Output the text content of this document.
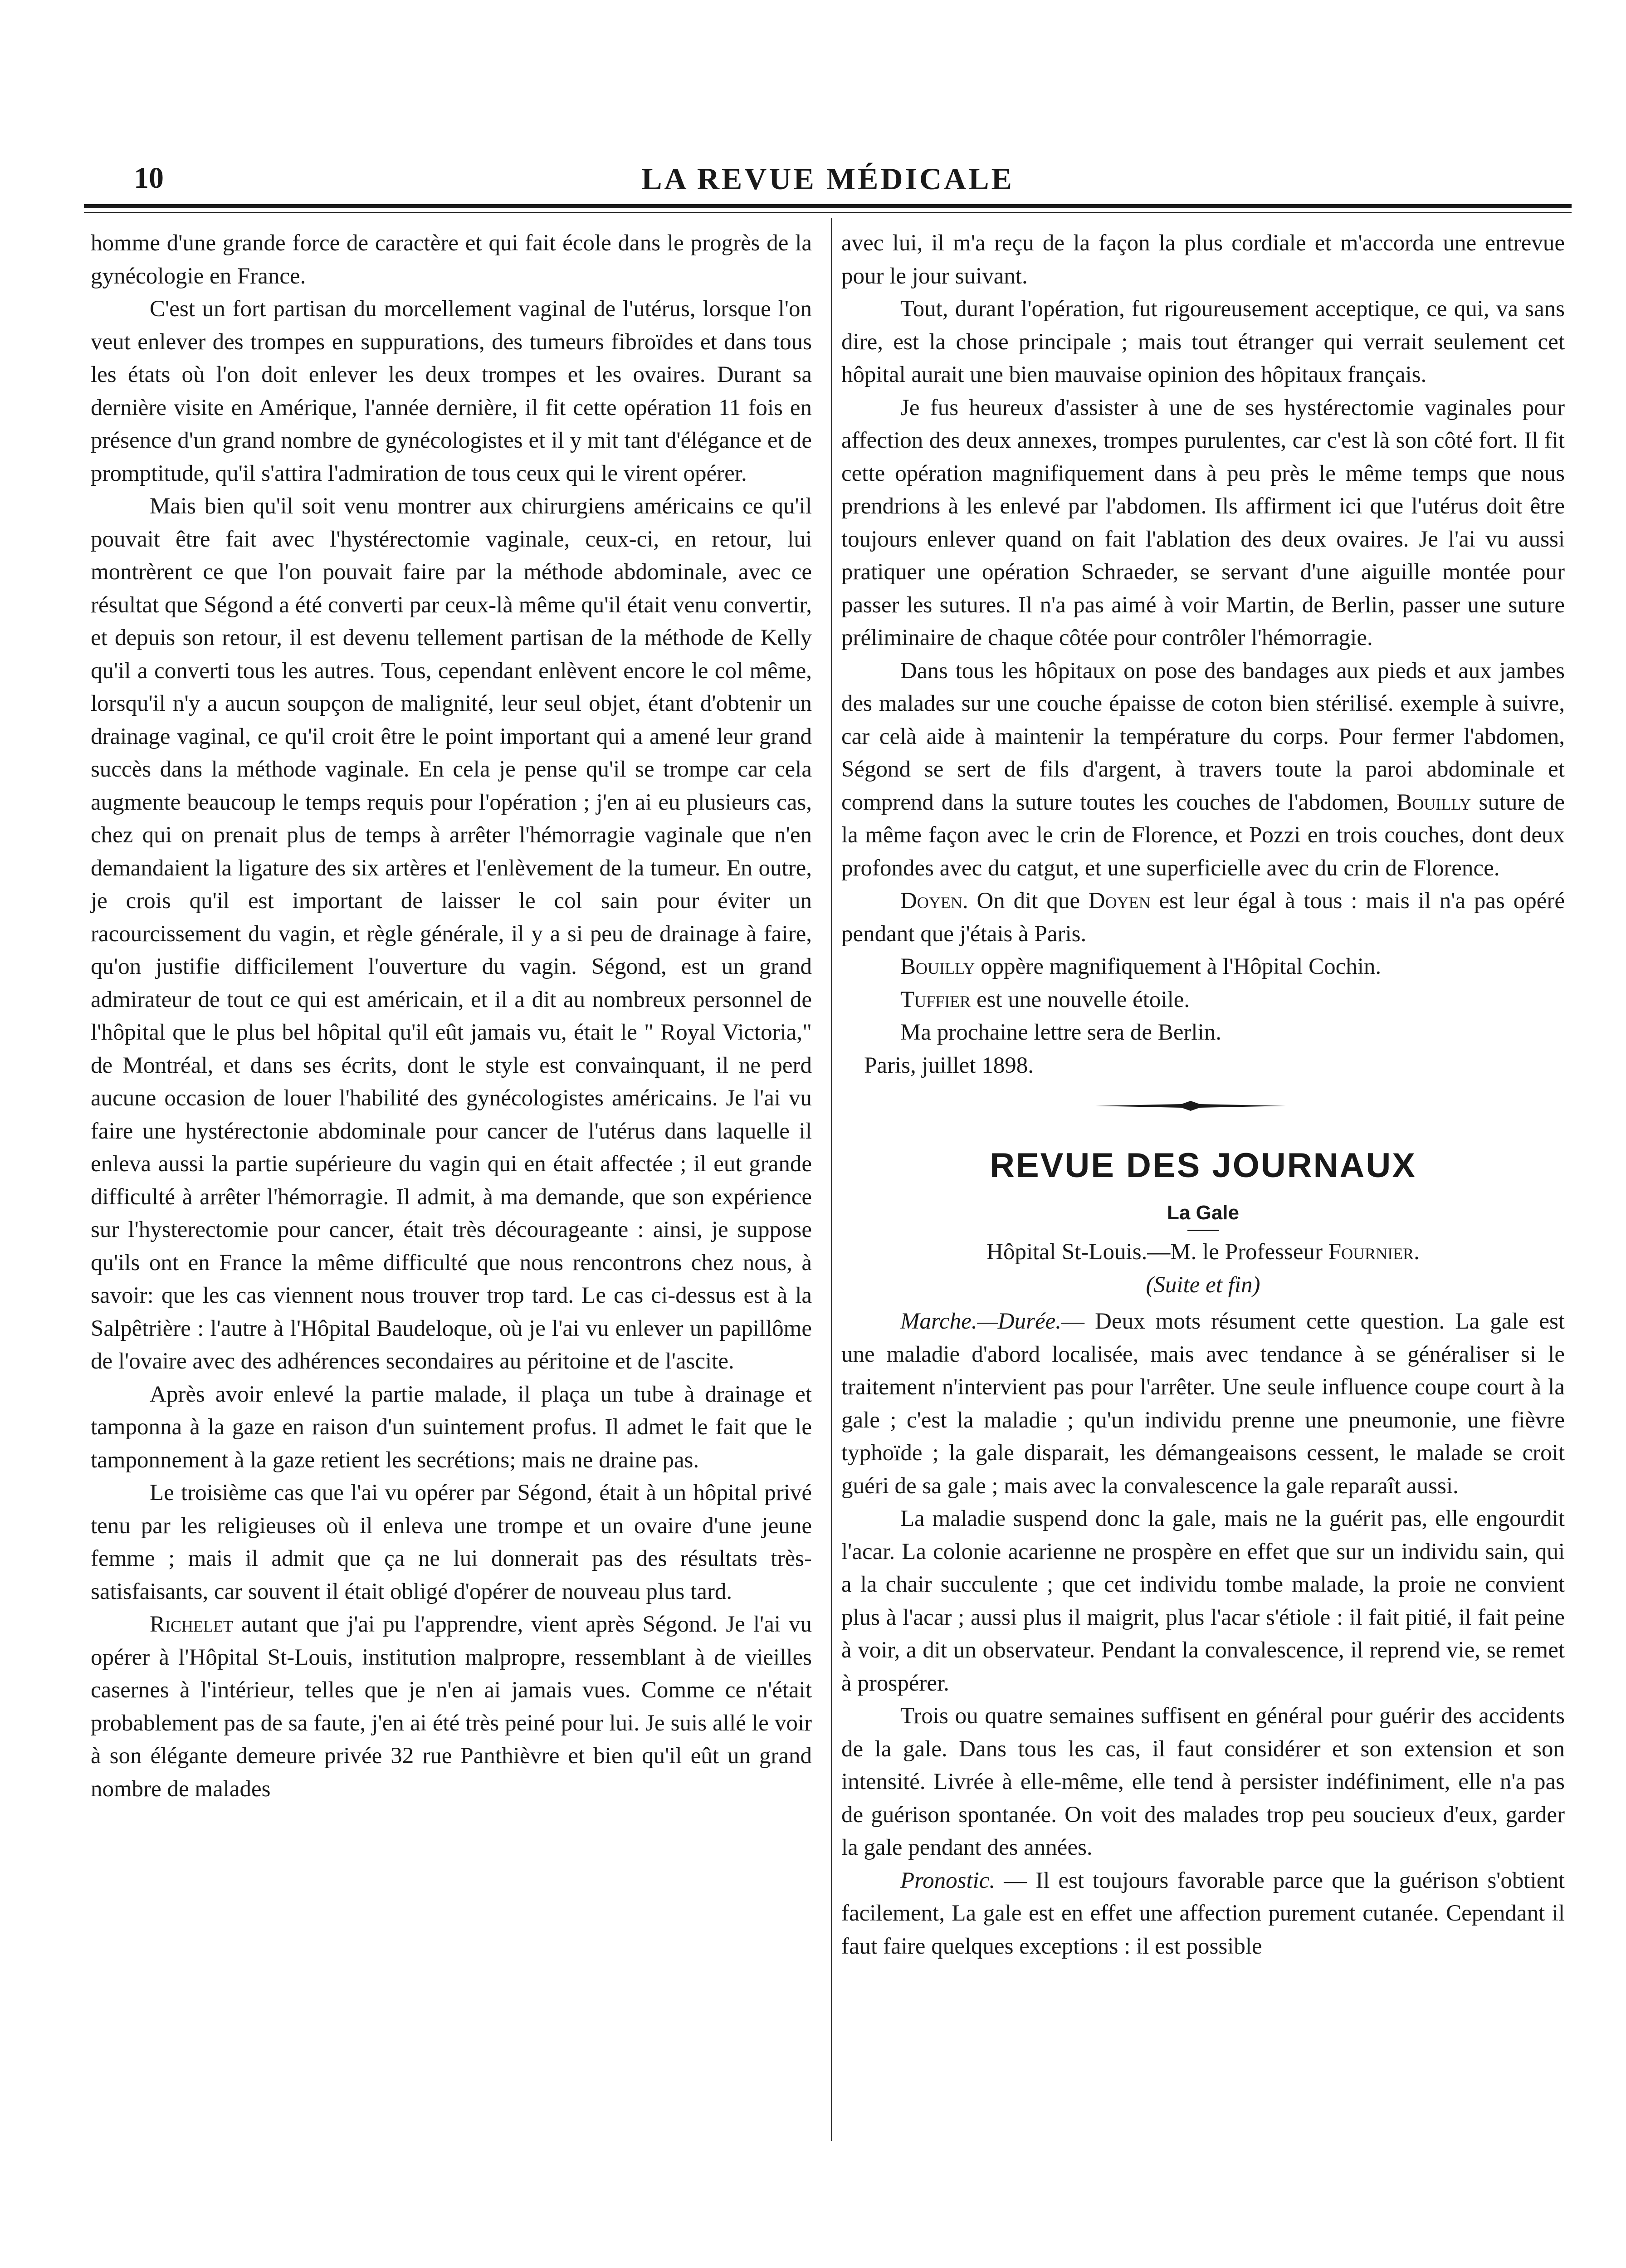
10	LA REVUE MÉDICALE

homme d'une grande force de caractère et qui fait école dans le progrès de la gynécologie en France.

C'est un fort partisan du morcellement vaginal de l'utérus, lorsque l'on veut enlever des trompes en suppurations, des tumeurs fibroïdes et dans tous les états où l'on doit enlever les deux trompes et les ovaires. Durant sa dernière visite en Amérique, l'année dernière, il fit cette opération 11 fois en présence d'un grand nombre de gynécologistes et il y mit tant d'élégance et de promptitude, qu'il s'attira l'admiration de tous ceux qui le virent opérer.

Mais bien qu'il soit venu montrer aux chirurgiens américains ce qu'il pouvait être fait avec l'hystérectomie vaginale, ceux-ci, en retour, lui montrèrent ce que l'on pouvait faire par la méthode abdominale, avec ce résultat que Ségond a été converti par ceux-là même qu'il était venu convertir, et depuis son retour, il est devenu tellement partisan de la méthode de Kelly qu'il a converti tous les autres. Tous, cependant enlèvent encore le col même, lorsqu'il n'y a aucun soupçon de malignité, leur seul objet, étant d'obtenir un drainage vaginal, ce qu'il croit être le point important qui a amené leur grand succès dans la méthode vaginale. En cela je pense qu'il se trompe car cela augmente beaucoup le temps requis pour l'opération ; j'en ai eu plusieurs cas, chez qui on prenait plus de temps à arrêter l'hémorragie vaginale que n'en demandaient la ligature des six artères et l'enlèvement de la tumeur. En outre, je crois qu'il est important de laisser le col sain pour éviter un racourcissement du vagin, et règle générale, il y a si peu de drainage à faire, qu'on justifie difficilement l'ouverture du vagin. Ségond, est un grand admirateur de tout ce qui est américain, et il a dit au nombreux personnel de l'hôpital que le plus bel hôpital qu'il eût jamais vu, était le " Royal Victoria," de Montréal, et dans ses écrits, dont le style est convainquant, il ne perd aucune occasion de louer l'habilité des gynécologistes américains. Je l'ai vu faire une hystérectonie abdominale pour cancer de l'utérus dans laquelle il enleva aussi la partie supérieure du vagin qui en était affectée ; il eut grande difficulté à arrêter l'hémorragie. Il admit, à ma demande, que son expérience sur l'hysterectomie pour cancer, était très décourageante : ainsi, je suppose qu'ils ont en France la même difficulté que nous rencontrons chez nous, à savoir: que les cas viennent nous trouver trop tard. Le cas ci-dessus est à la Salpêtrière : l'autre à l'Hôpital Baudeloque, où je l'ai vu enlever un papillôme de l'ovaire avec des adhérences secondaires au péritoine et de l'ascite.

Après avoir enlevé la partie malade, il plaça un tube à drainage et tamponna à la gaze en raison d'un suintement profus. Il admet le fait que le tamponnement à la gaze retient les secrétions; mais ne draine pas.

Le troisième cas que l'ai vu opérer par Ségond, était à un hôpital privé tenu par les religieuses où il enleva une trompe et un ovaire d'une jeune femme ; mais il admit que ça ne lui donnerait pas des résultats très-satisfaisants, car souvent il était obligé d'opérer de nouveau plus tard.

Richelet autant que j'ai pu l'apprendre, vient après Ségond. Je l'ai vu opérer à l'Hôpital St-Louis, institution malpropre, ressemblant à de vieilles casernes à l'intérieur, telles que je n'en ai jamais vues. Comme ce n'était probablement pas de sa faute, j'en ai été très peiné pour lui. Je suis allé le voir à son élégante demeure privée 32 rue Panthièvre et bien qu'il eût un grand nombre de malades

avec lui, il m'a reçu de la façon la plus cordiale et m'accorda une entrevue pour le jour suivant.

Tout, durant l'opération, fut rigoureusement acceptique, ce qui, va sans dire, est la chose principale ; mais tout étranger qui verrait seulement cet hôpital aurait une bien mauvaise opinion des hôpitaux français.

Je fus heureux d'assister à une de ses hystérectomie vaginales pour affection des deux annexes, trompes purulentes, car c'est là son côté fort. Il fit cette opération magnifiquement dans à peu près le même temps que nous prendrions à les enlevé par l'abdomen. Ils affirment ici que l'utérus doit être toujours enlever quand on fait l'ablation des deux ovaires. Je l'ai vu aussi pratiquer une opération Schraeder, se servant d'une aiguille montée pour passer les sutures. Il n'a pas aimé à voir Martin, de Berlin, passer une suture préliminaire de chaque côtée pour contrôler l'hémorragie.

Dans tous les hôpitaux on pose des bandages aux pieds et aux jambes des malades sur une couche épaisse de coton bien stérilisé. exemple à suivre, car celà aide à maintenir la température du corps. Pour fermer l'abdomen, Ségond se sert de fils d'argent, à travers toute la paroi abdominale et comprend dans la suture toutes les couches de l'abdomen, Bouilly suture de la même façon avec le crin de Florence, et Pozzi en trois couches, dont deux profondes avec du catgut, et une superficielle avec du crin de Florence.

Doyen. On dit que Doyen est leur égal à tous : mais il n'a pas opéré pendant que j'étais à Paris.

Bouilly oppère magnifiquement à l'Hôpital Cochin.

Tuffier est une nouvelle étoile.

Ma prochaine lettre sera de Berlin.

Paris, juillet 1898.

REVUE DES JOURNAUX
La Gale
Hôpital St-Louis.—M. le Professeur Fournier.
(Suite et fin)

Marche.—Durée.— Deux mots résument cette question. La gale est une maladie d'abord localisée, mais avec tendance à se généraliser si le traitement n'intervient pas pour l'arrêter. Une seule influence coupe court à la gale ; c'est la maladie ; qu'un individu prenne une pneumonie, une fièvre typhoïde ; la gale disparait, les démangeaisons cessent, le malade se croit guéri de sa gale ; mais avec la convalescence la gale reparaît aussi.

La maladie suspend donc la gale, mais ne la guérit pas, elle engourdit l'acar. La colonie acarienne ne prospère en effet que sur un individu sain, qui a la chair succulente ; que cet individu tombe malade, la proie ne convient plus à l'acar ; aussi plus il maigrit, plus l'acar s'étiole : il fait pitié, il fait peine à voir, a dit un observateur. Pendant la convalescence, il reprend vie, se remet à prospérer.

Trois ou quatre semaines suffisent en général pour guérir des accidents de la gale. Dans tous les cas, il faut considérer et son extension et son intensité. Livrée à elle-même, elle tend à persister indéfiniment, elle n'a pas de guérison spontanée. On voit des malades trop peu soucieux d'eux, garder la gale pendant des années.

Pronostic. — Il est toujours favorable parce que la guérison s'obtient facilement, La gale est en effet une affection purement cutanée. Cependant il faut faire quelques exceptions : il est possible
